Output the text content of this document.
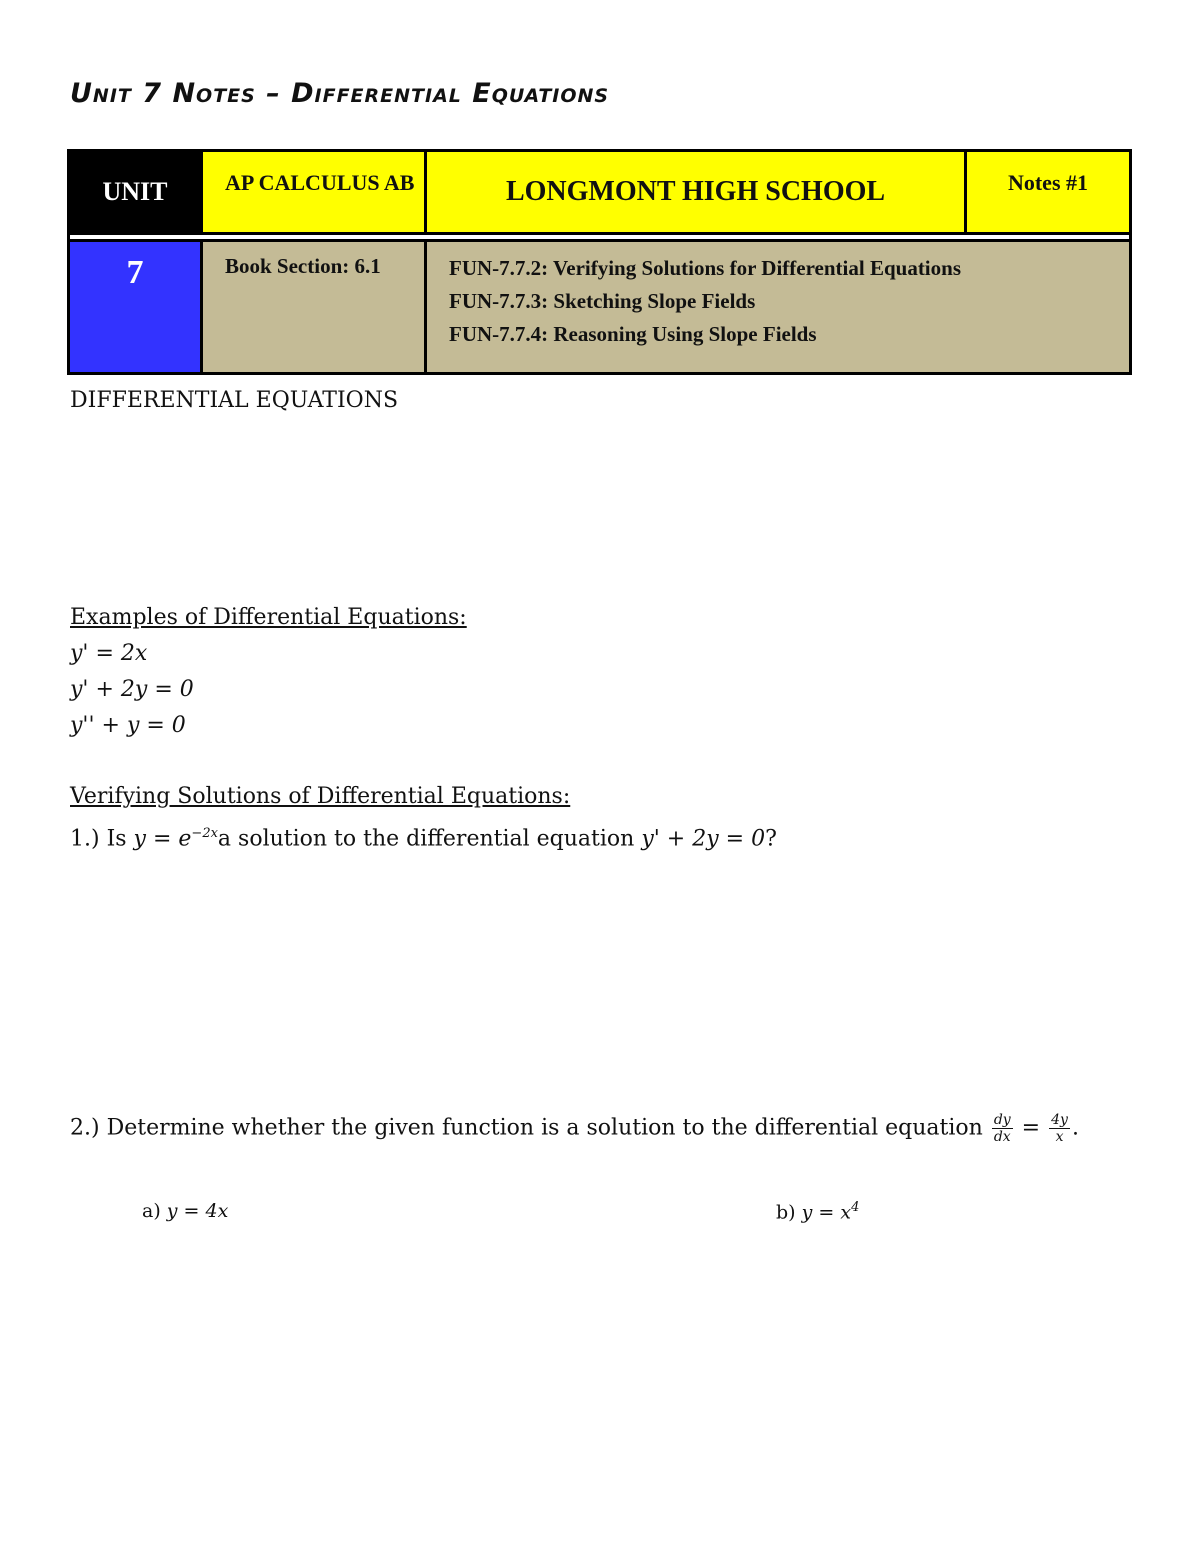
Unit 7 Notes – Differential Equations
UNIT	AP CALCULUS AB	LONGMONT HIGH SCHOOL	Notes #1

7	Book Section: 6.1	FUN-7.7.2: Verifying Solutions for Differential Equations
FUN-7.7.3: Sketching Slope Fields
FUN-7.7.4: Reasoning Using Slope Fields	
DIFFERENTIAL EQUATIONS
Examples of Differential Equations:
y' = 2x
y' + 2y = 0
y'' + y = 0
Verifying Solutions of Differential Equations:
1.) Is $y = e^{-2x}a$ solution to the differential equation y' + 2y = 0?
2.) Determine whether the given function is a solution to the differential equation $\frac{dy}{dx} = \frac{4y}{x}$ .
a) y = 4x	b) $y = x^4$
